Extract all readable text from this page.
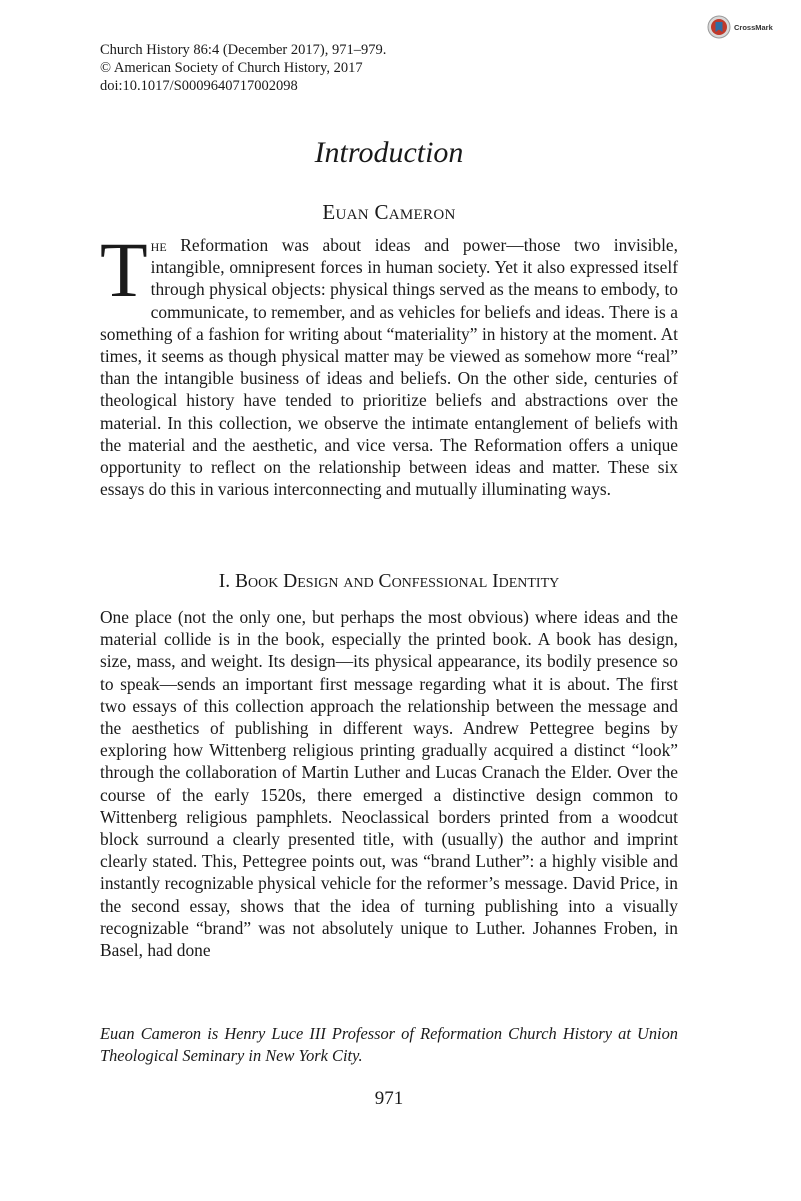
Church History 86:4 (December 2017), 971–979.
© American Society of Church History, 2017
doi:10.1017/S0009640717002098
CrossMark
Introduction
Euan Cameron

The Reformation was about ideas and power—those two invisible, intangible, omnipresent forces in human society. Yet it also expressed itself through physical objects: physical things served as the means to embody, to communicate, to remember, and as vehicles for beliefs and ideas. There is a something of a fashion for writing about “materiality” in history at the moment. At times, it seems as though physical matter may be viewed as somehow more “real” than the intangible business of ideas and beliefs. On the other side, centuries of theological history have tended to prioritize beliefs and abstractions over the material. In this collection, we observe the intimate entanglement of beliefs with the material and the aesthetic, and vice versa. The Reformation offers a unique opportunity to reflect on the relationship between ideas and matter. These six essays do this in various interconnecting and mutually illuminating ways.

I. Book Design and Confessional Identity

One place (not the only one, but perhaps the most obvious) where ideas and the material collide is in the book, especially the printed book. A book has design, size, mass, and weight. Its design—its physical appearance, its bodily presence so to speak—sends an important first message regarding what it is about. The first two essays of this collection approach the relationship between the message and the aesthetics of publishing in different ways. Andrew Pettegree begins by exploring how Wittenberg religious printing gradually acquired a distinct “look” through the collaboration of Martin Luther and Lucas Cranach the Elder. Over the course of the early 1520s, there emerged a distinctive design common to Wittenberg religious pamphlets. Neoclassical borders printed from a woodcut block surround a clearly presented title, with (usually) the author and imprint clearly stated. This, Pettegree points out, was “brand Luther”: a highly visible and instantly recognizable physical vehicle for the reformer’s message. David Price, in the second essay, shows that the idea of turning publishing into a visually recognizable “brand” was not absolutely unique to Luther. Johannes Froben, in Basel, had done

Euan Cameron is Henry Luce III Professor of Reformation Church History at Union Theological Seminary in New York City.

971
